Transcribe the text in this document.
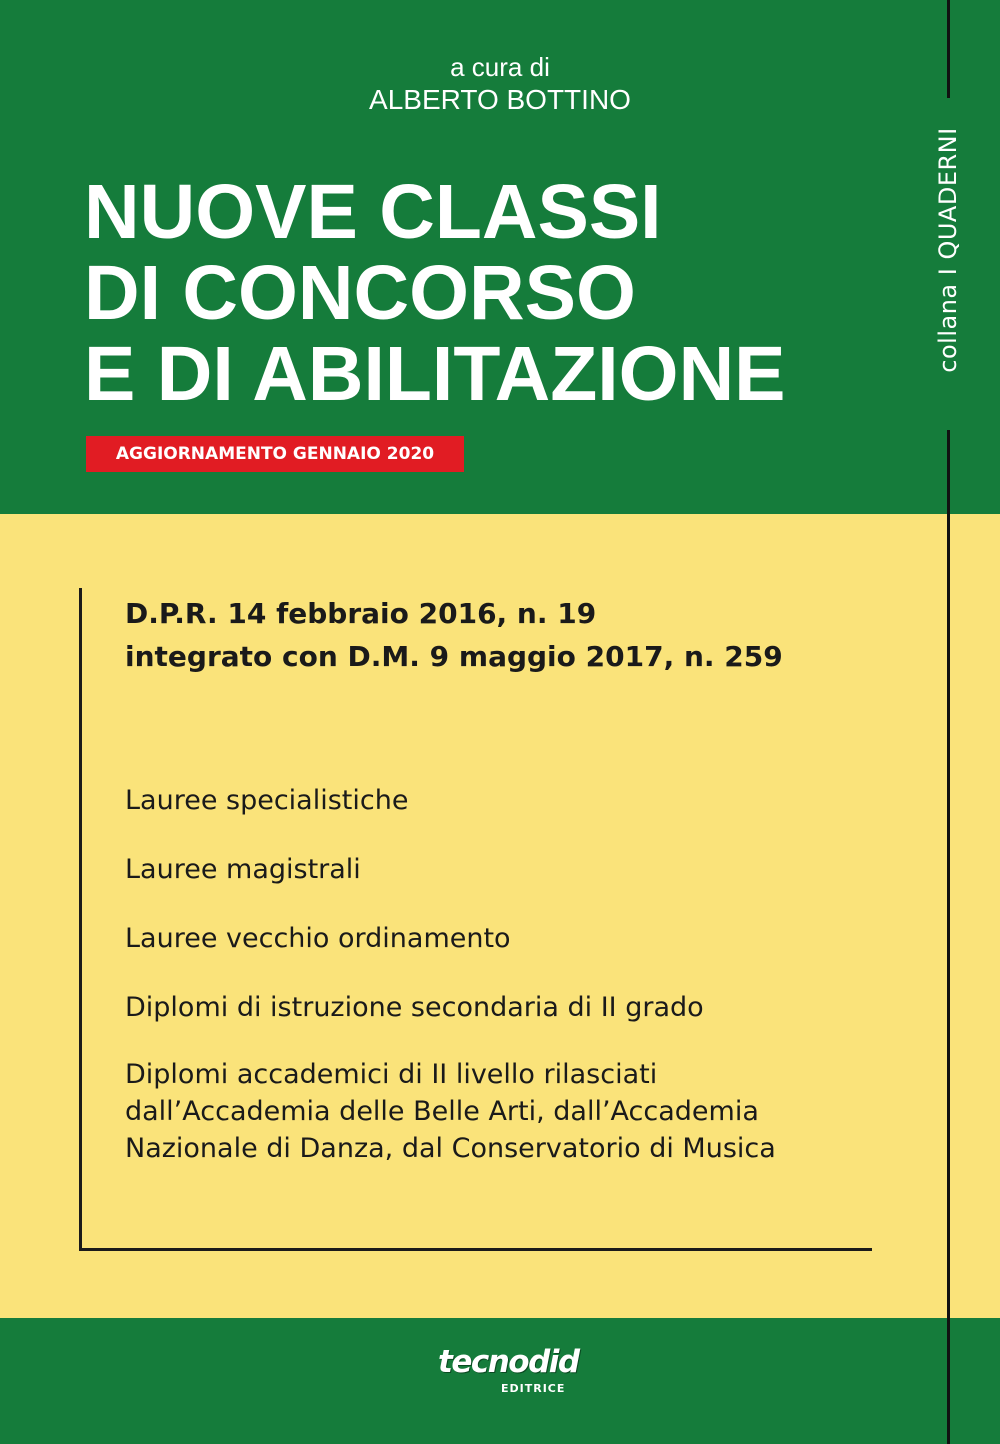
collana I QUADERNI
a cura di
ALBERTO BOTTINO
NUOVE CLASSI
DI CONCORSO
E DI ABILITAZIONE
AGGIORNAMENTO GENNAIO 2020
D.P.R. 14 febbraio 2016, n. 19
integrato con D.M. 9 maggio 2017, n. 259
Lauree specialistiche
Lauree magistrali
Lauree vecchio ordinamento
Diplomi di istruzione secondaria di II grado
Diplomi accademici di II livello rilasciati
dall’Accademia delle Belle Arti, dall’Accademia
Nazionale di Danza, dal Conservatorio di Musica
tecnodid
EDITRICE
